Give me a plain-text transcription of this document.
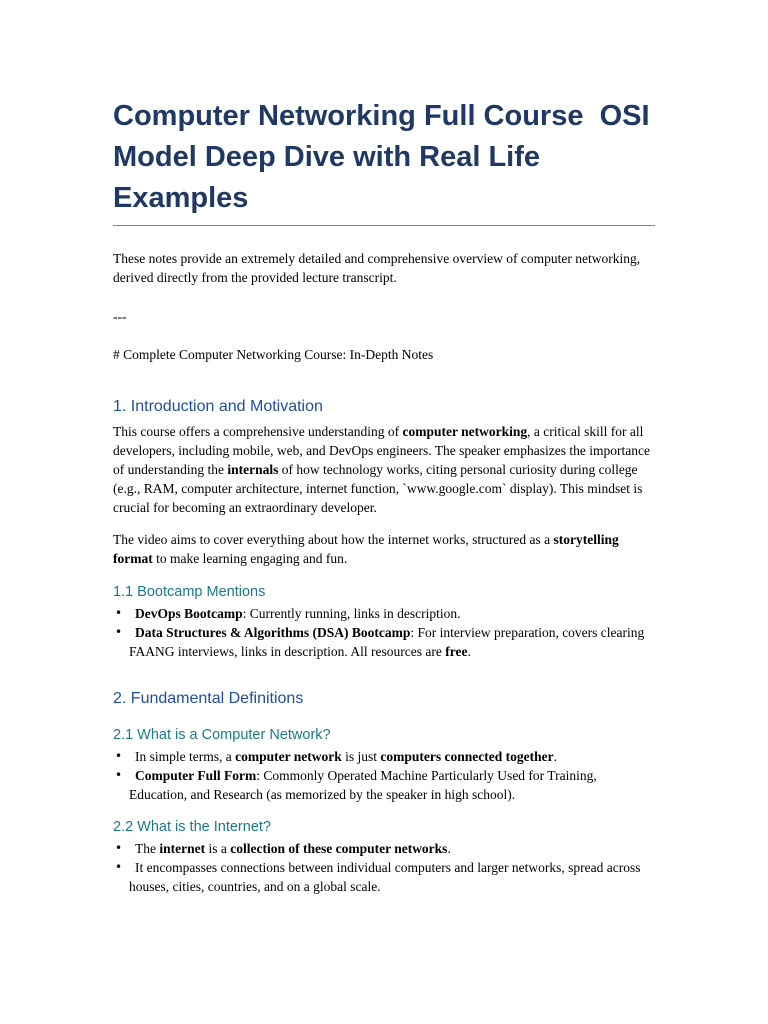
Computer Networking Full Course  OSI Model Deep Dive with Real Life Examples

These notes provide an extremely detailed and comprehensive overview of computer networking, derived directly from the provided lecture transcript.

---

# Complete Computer Networking Course: In-Depth Notes

1. Introduction and Motivation

This course offers a comprehensive understanding of computer networking, a critical skill for all developers, including mobile, web, and DevOps engineers. The speaker emphasizes the importance of understanding the internals of how technology works, citing personal curiosity during college (e.g., RAM, computer architecture, internet function, `www.google.com` display). This mindset is crucial for becoming an extraordinary developer.

The video aims to cover everything about how the internet works, structured as a storytelling format to make learning engaging and fun.

1.1 Bootcamp Mentions
• DevOps Bootcamp: Currently running, links in description.
• Data Structures & Algorithms (DSA) Bootcamp: For interview preparation, covers clearing FAANG interviews, links in description. All resources are free.
2. Fundamental Definitions
2.1 What is a Computer Network?
• In simple terms, a computer network is just computers connected together.
• Computer Full Form: Commonly Operated Machine Particularly Used for Training, Education, and Research (as memorized by the speaker in high school).
2.2 What is the Internet?
• The internet is a collection of these computer networks.
• It encompasses connections between individual computers and larger networks, spread across houses, cities, countries, and on a global scale.
